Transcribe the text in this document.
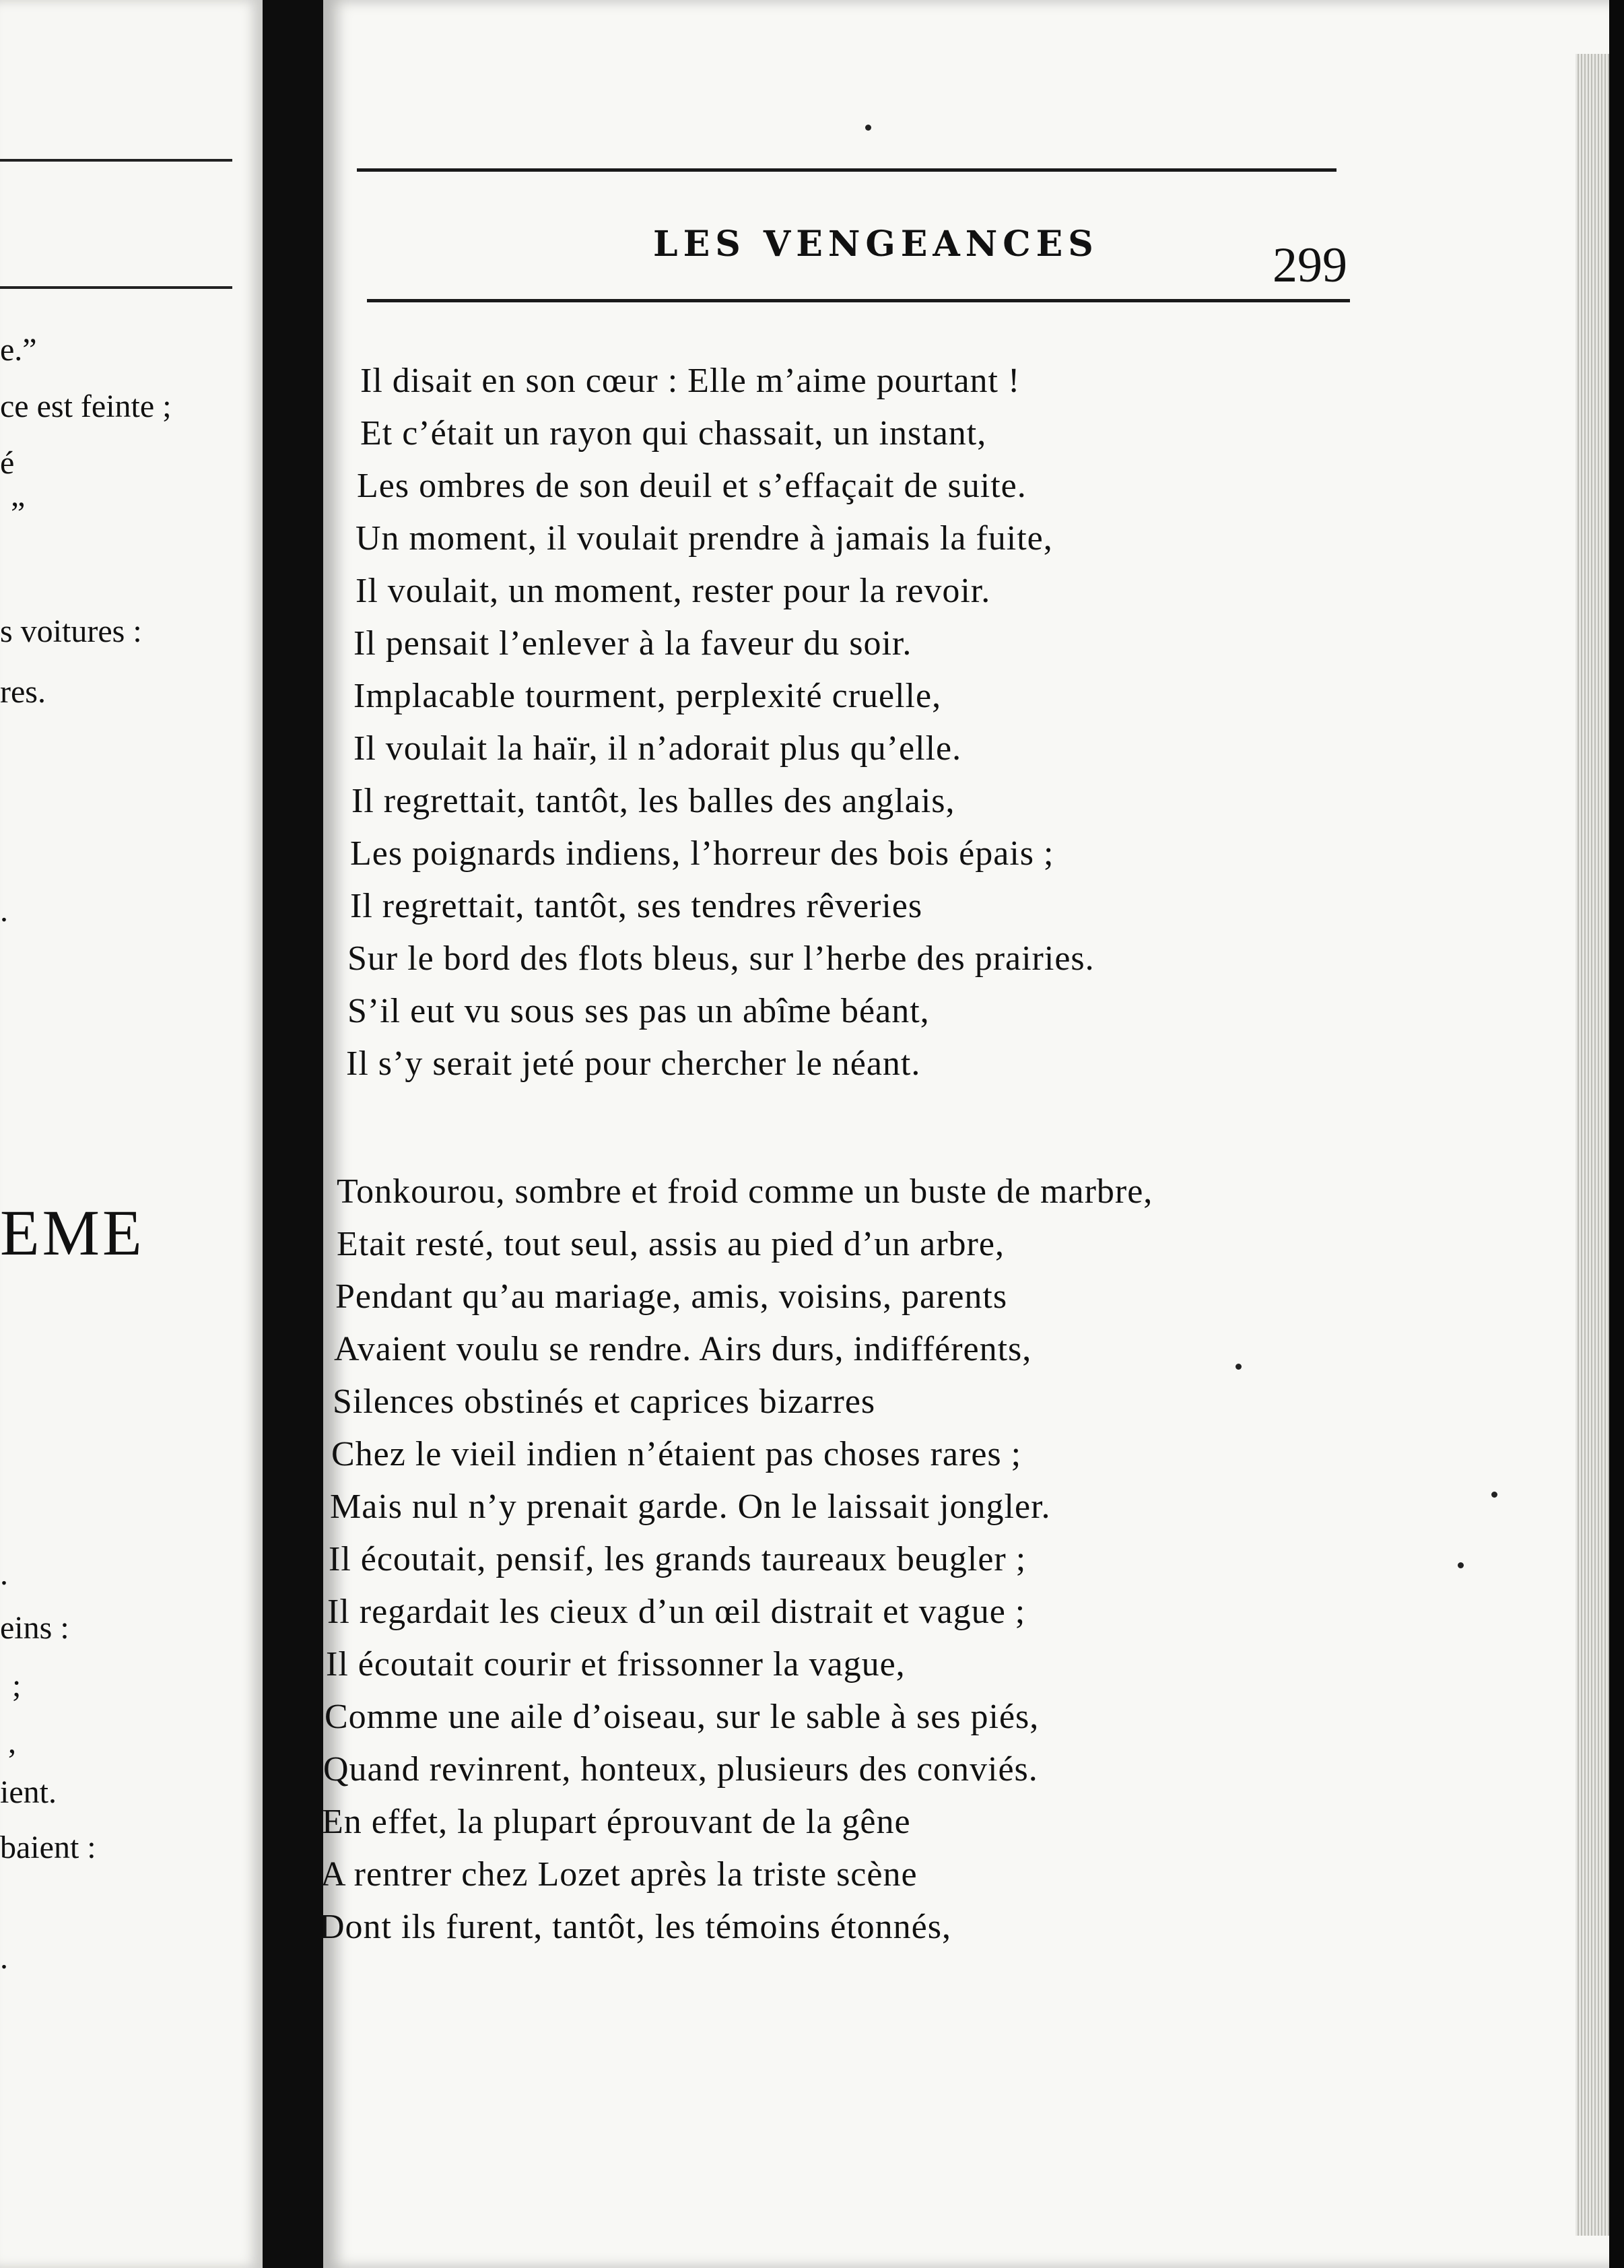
e.”
ce est feinte ;
é
”
s voitures :
res.
.
EME
.
eins :
;
,
ient.
baient :
.
LES VENGEANCES	299
Il disait en son cœur : Elle m’aime pourtant !
Et c’était un rayon qui chassait, un instant,
Les ombres de son deuil et s’effaçait de suite.
Un moment, il voulait prendre à jamais la fuite,
Il voulait, un moment, rester pour la revoir.
Il pensait l’enlever à la faveur du soir.
Implacable tourment, perplexité cruelle,
Il voulait la haïr, il n’adorait plus qu’elle.
Il regrettait, tantôt, les balles des anglais,
Les poignards indiens, l’horreur des bois épais ;
Il regrettait, tantôt, ses tendres rêveries
Sur le bord des flots bleus, sur l’herbe des prairies.
S’il eut vu sous ses pas un abîme béant,
Il s’y serait jeté pour chercher le néant.
Tonkourou, sombre et froid comme un buste de marbre,
Etait resté, tout seul, assis au pied d’un arbre,
Pendant qu’au mariage, amis, voisins, parents
Avaient voulu se rendre. Airs durs, indifférents,
Silences obstinés et caprices bizarres
Chez le vieil indien n’étaient pas choses rares ;
Mais nul n’y prenait garde. On le laissait jongler.
Il écoutait, pensif, les grands taureaux beugler ;
Il regardait les cieux d’un œil distrait et vague ;
Il écoutait courir et frissonner la vague,
Comme une aile d’oiseau, sur le sable à ses piés,
Quand revinrent, honteux, plusieurs des conviés.
En effet, la plupart éprouvant de la gêne
A rentrer chez Lozet après la triste scène
Dont ils furent, tantôt, les témoins étonnés,
